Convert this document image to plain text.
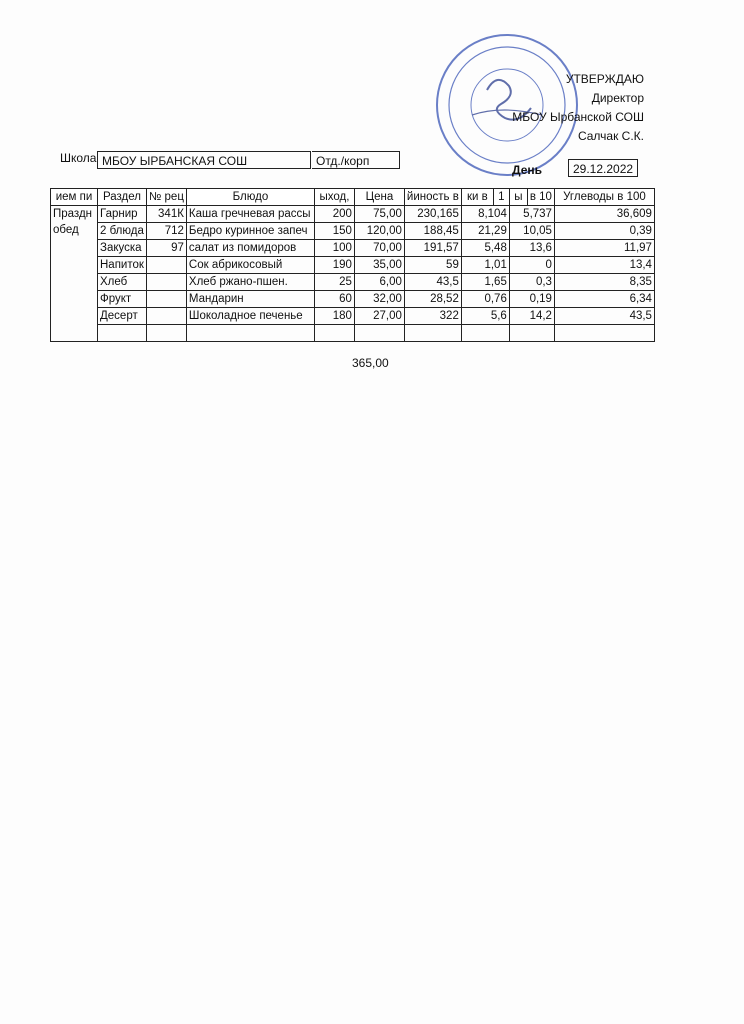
УТВЕРЖДАЮ
Директор
МБОУ Ырбанской СОШ
Салчак С.К.
Школа МБОУ ЫРБАНСКАЯ СОШ	Отд./корп
День	29.12.2022
ием пи	Раздел	№ рец	Блюдо	ыход,	Цена	йиность в	ки в	1	ы	в 10	Углеводы в 100
Праздн обед	Гарнир	341К	Каша гречневая рассы	200	75,00	230,165	8,104		5,737		36,609
	2 блюда	712	Бедро куринное запеч	150	120,00	188,45	21,29		10,05		0,39
	Закуска	97	салат из помидоров	100	70,00	191,57	5,48		13,6		11,97
	Напиток		Сок абрикосовый	190	35,00	59	1,01		0		13,4
	Хлеб		Хлеб ржано-пшен.	25	6,00	43,5	1,65		0,3		8,35
	Фрукт		Мандарин	60	32,00	28,52	0,76		0,19		6,34
	Десерт		Шоколадное печенье	180	27,00	322	5,6		14,2		43,5

365,00
